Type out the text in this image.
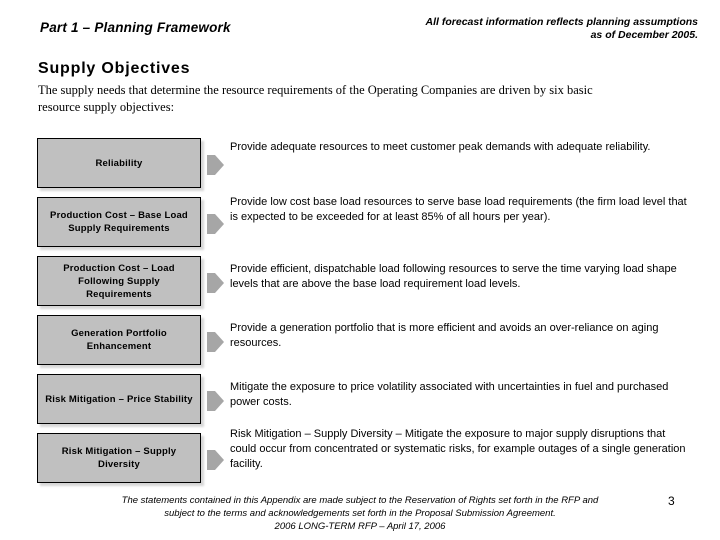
Part 1 – Planning Framework	All forecast information reflects planning assumptions as of December 2005.
Supply Objectives
The supply needs that determine the resource requirements of the Operating Companies are driven by six basic resource supply objectives:
Reliability
Provide adequate resources to meet customer peak demands with adequate reliability.
Production Cost – Base Load Supply Requirements
Provide low cost base load resources to serve base load requirements (the firm load level that is expected to be exceeded for at least 85% of all hours per year).
Production Cost – Load Following Supply Requirements
Provide efficient, dispatchable load following resources to serve the time varying load shape levels that are above the base load requirement load levels.
Generation Portfolio Enhancement
Provide a generation portfolio that is more efficient and avoids an over-reliance on aging resources.
Risk Mitigation – Price Stability
Mitigate the exposure to price volatility associated with uncertainties in fuel and purchased power costs.
Risk Mitigation – Supply Diversity
Risk Mitigation – Supply Diversity – Mitigate the exposure to major supply disruptions that could occur from concentrated or systematic risks, for example outages of a single generation facility.
The statements contained in this Appendix are made subject to the Reservation of Rights set forth in the RFP and
subject to the terms and acknowledgements set forth in the Proposal Submission Agreement.
2006 LONG-TERM RFP – April 17, 2006
3
